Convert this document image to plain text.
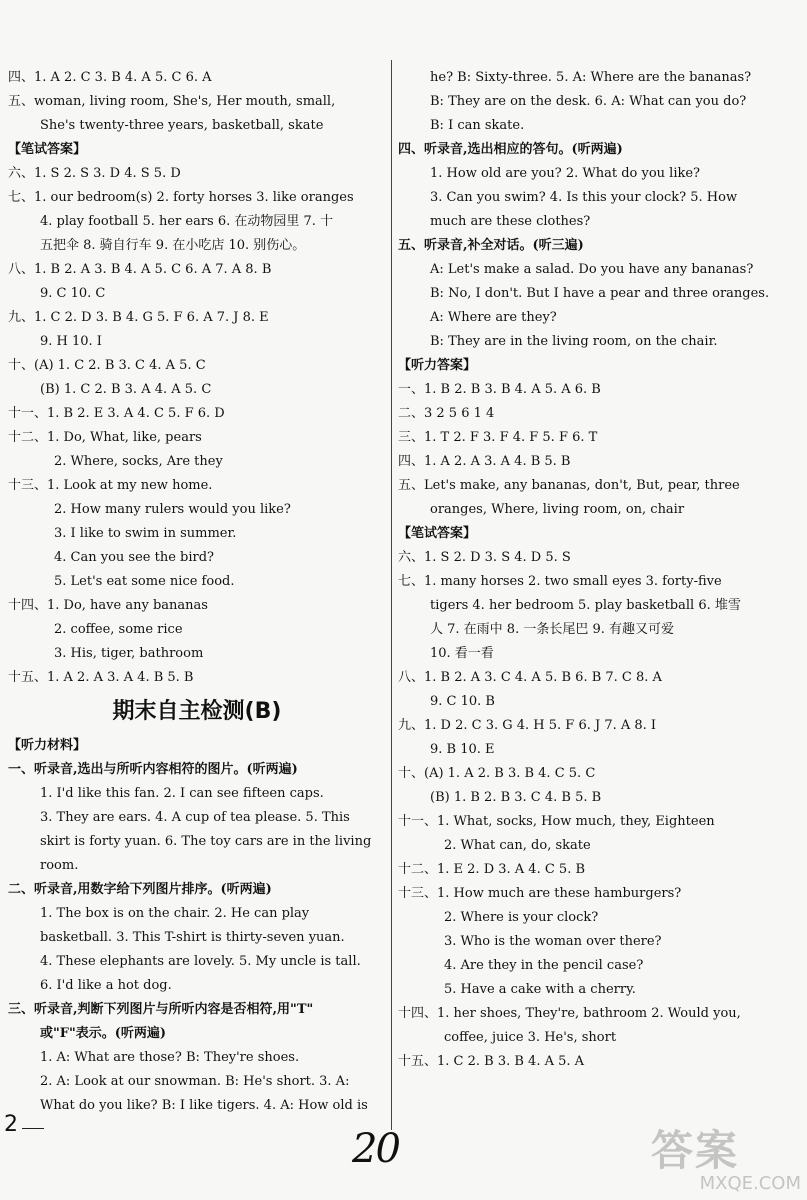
四、1. A 2. C 3. B 4. A 5. C 6. A
五、woman, living room, She's, Her mouth, small,
She's twenty-three years, basketball, skate
【笔试答案】
六、1. S 2. S 3. D 4. S 5. D
七、1. our bedroom(s) 2. forty horses 3. like oranges
4. play football 5. her ears 6. 在动物园里 7. 十
五把伞 8. 骑自行车 9. 在小吃店 10. 别伤心。
八、1. B 2. A 3. B 4. A 5. C 6. A 7. A 8. B
9. C 10. C
九、1. C 2. D 3. B 4. G 5. F 6. A 7. J 8. E
9. H 10. I
十、(A) 1. C 2. B 3. C 4. A 5. C
(B) 1. C 2. B 3. A 4. A 5. C
十一、1. B 2. E 3. A 4. C 5. F 6. D
十二、1. Do, What, like, pears
2. Where, socks, Are they
十三、1. Look at my new home.
2. How many rulers would you like?
3. I like to swim in summer.
4. Can you see the bird?
5. Let's eat some nice food.
十四、1. Do, have any bananas
2. coffee, some rice
3. His, tiger, bathroom
十五、1. A 2. A 3. A 4. B 5. B
期末自主检测(B)
【听力材料】
一、听录音,选出与所听内容相符的图片。(听两遍)
1. I'd like this fan. 2. I can see fifteen caps.
3. They are ears. 4. A cup of tea please. 5. This
skirt is forty yuan. 6. The toy cars are in the living
room.
二、听录音,用数字给下列图片排序。(听两遍)
1. The box is on the chair. 2. He can play
basketball. 3. This T-shirt is thirty-seven yuan.
4. These elephants are lovely. 5. My uncle is tall.
6. I'd like a hot dog.
三、听录音,判断下列图片与所听内容是否相符,用"T"
或"F"表示。(听两遍)
1. A: What are those? B: They're shoes.
2. A: Look at our snowman. B: He's short. 3. A:
What do you like? B: I like tigers. 4. A: How old is
he? B: Sixty-three. 5. A: Where are the bananas?
B: They are on the desk. 6. A: What can you do?
B: I can skate.
四、听录音,选出相应的答句。(听两遍)
1. How old are you? 2. What do you like?
3. Can you swim? 4. Is this your clock? 5. How
much are these clothes?
五、听录音,补全对话。(听三遍)
A: Let's make a salad. Do you have any bananas?
B: No, I don't. But I have a pear and three oranges.
A: Where are they?
B: They are in the living room, on the chair.
【听力答案】
一、1. B 2. B 3. B 4. A 5. A 6. B
二、3 2 5 6 1 4
三、1. T 2. F 3. F 4. F 5. F 6. T
四、1. A 2. A 3. A 4. B 5. B
五、Let's make, any bananas, don't, But, pear, three
oranges, Where, living room, on, chair
【笔试答案】
六、1. S 2. D 3. S 4. D 5. S
七、1. many horses 2. two small eyes 3. forty-five
tigers 4. her bedroom 5. play basketball 6. 堆雪
人 7. 在雨中 8. 一条长尾巴 9. 有趣又可爱
10. 看一看
八、1. B 2. A 3. C 4. A 5. B 6. B 7. C 8. A
9. C 10. B
九、1. D 2. C 3. G 4. H 5. F 6. J 7. A 8. I
9. B 10. E
十、(A) 1. A 2. B 3. B 4. C 5. C
(B) 1. B 2. B 3. C 4. B 5. B
十一、1. What, socks, How much, they, Eighteen
2. What can, do, skate
十二、1. E 2. D 3. A 4. C 5. B
十三、1. How much are these hamburgers?
2. Where is your clock?
3. Who is the woman over there?
4. Are they in the pencil case?
5. Have a cake with a cherry.
十四、1. her shoes, They're, bathroom 2. Would you,
coffee, juice 3. He's, short
十五、1. C 2. B 3. B 4. A 5. A
2
20	答案
MXQE.COM
